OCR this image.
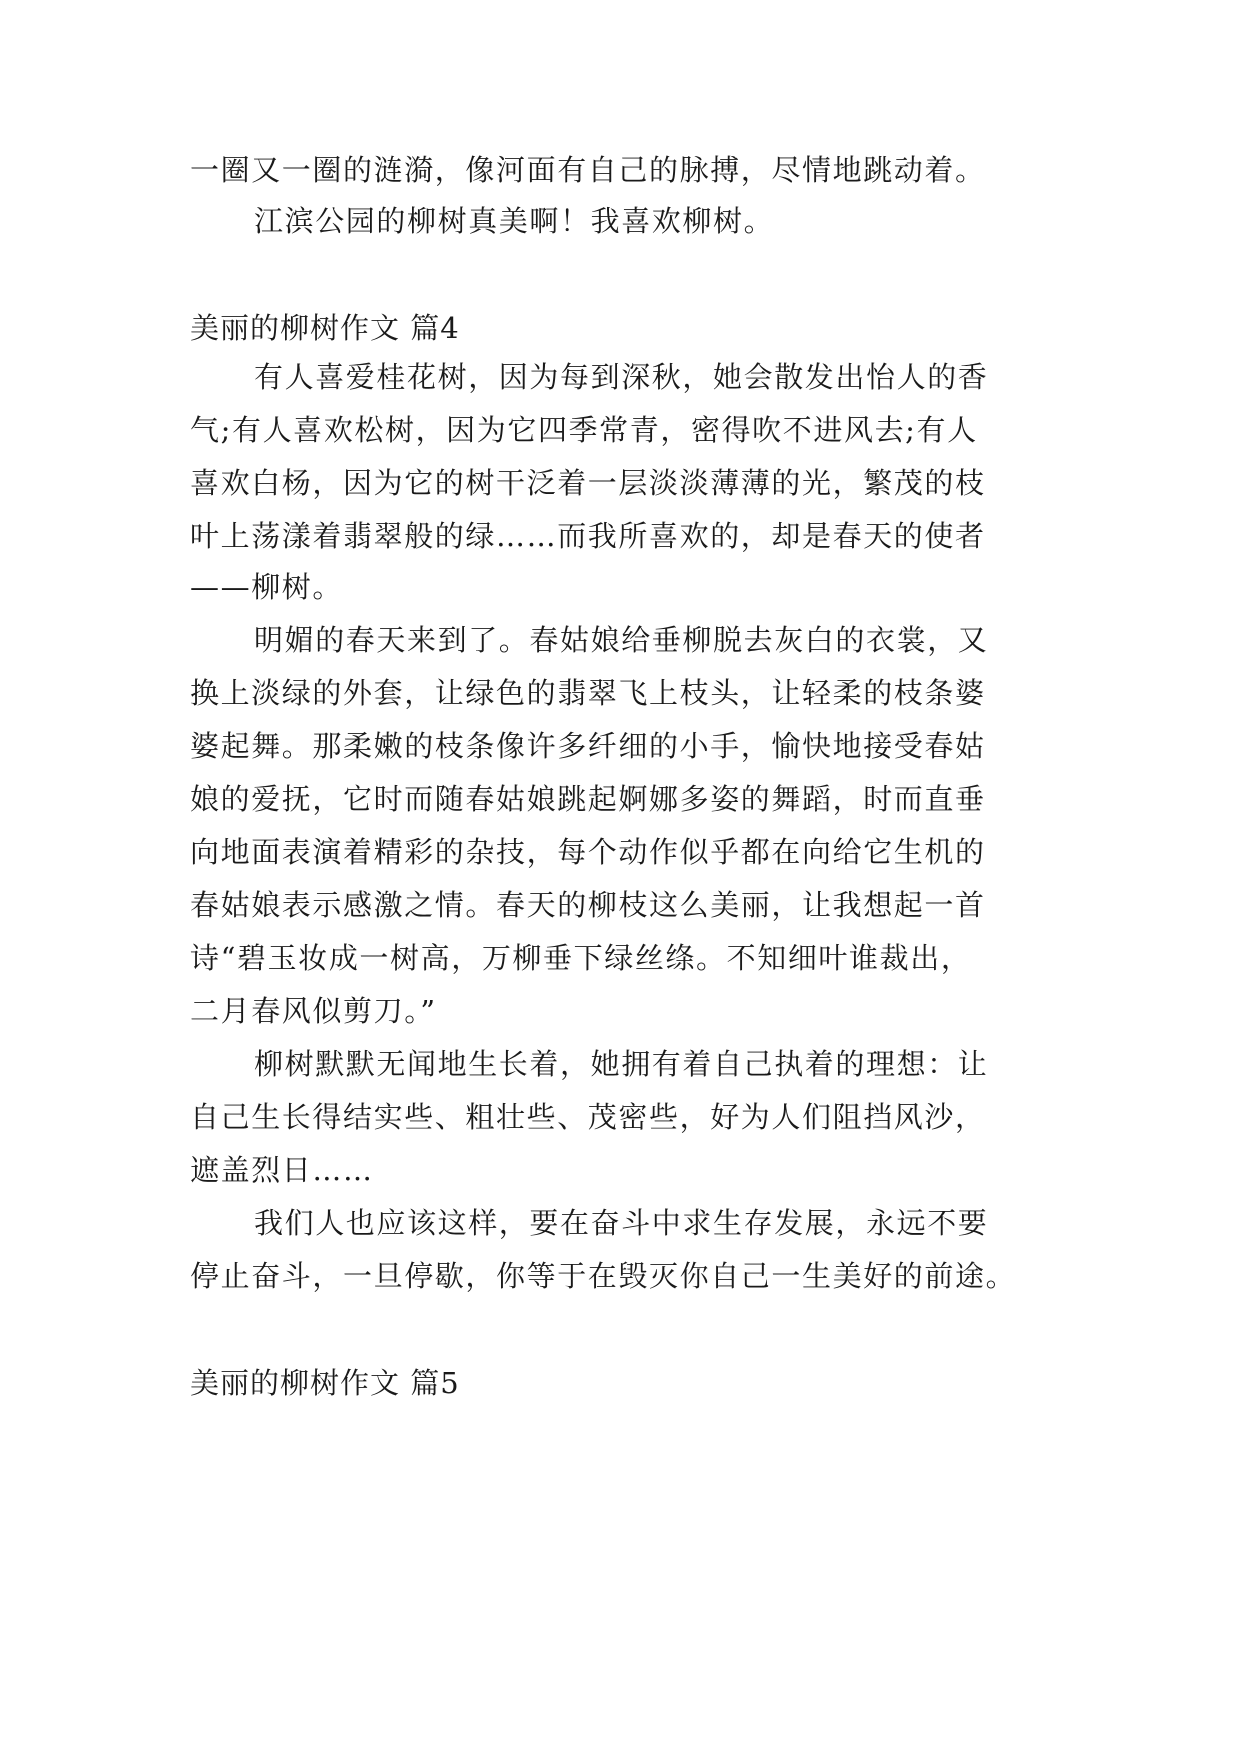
一圈又一圈的涟漪，像河面有自己的脉搏，尽情地跳动着。
江滨公园的柳树真美啊！我喜欢柳树。
美丽的柳树作文 篇4
有人喜爱桂花树，因为每到深秋，她会散发出怡人的香
气;有人喜欢松树，因为它四季常青，密得吹不进风去;有人
喜欢白杨，因为它的树干泛着一层淡淡薄薄的光，繁茂的枝
叶上荡漾着翡翠般的绿……而我所喜欢的，却是春天的使者
——柳树。
明媚的春天来到了。春姑娘给垂柳脱去灰白的衣裳，又
换上淡绿的外套，让绿色的翡翠飞上枝头，让轻柔的枝条婆
婆起舞。那柔嫩的枝条像许多纤细的小手，愉快地接受春姑
娘的爱抚，它时而随春姑娘跳起婀娜多姿的舞蹈，时而直垂
向地面表演着精彩的杂技，每个动作似乎都在向给它生机的
春姑娘表示感激之情。春天的柳枝这么美丽，让我想起一首
诗“碧玉妆成一树高，万柳垂下绿丝绦。不知细叶谁裁出，
二月春风似剪刀。”
柳树默默无闻地生长着，她拥有着自己执着的理想：让
自己生长得结实些、粗壮些、茂密些，好为人们阻挡风沙，
遮盖烈日……
我们人也应该这样，要在奋斗中求生存发展，永远不要
停止奋斗，一旦停歇，你等于在毁灭你自己一生美好的前途。
美丽的柳树作文 篇5
